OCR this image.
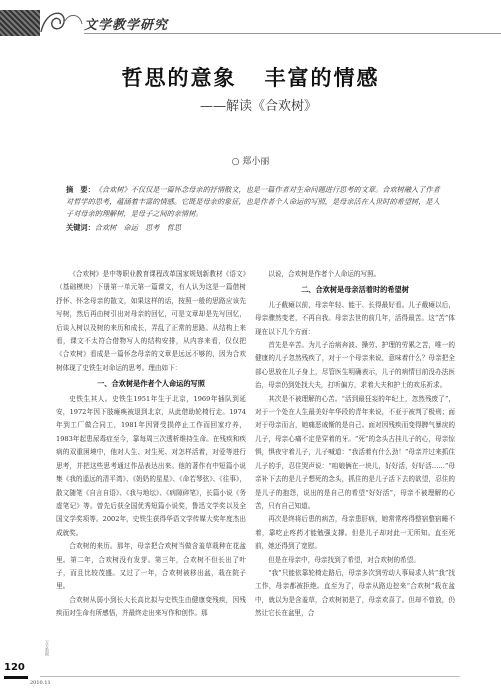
文学教学研究
哲思的意象 丰富的情感
——解读《合欢树》
○ 郑小丽
摘　要：《合欢树》不仅仅是一篇怀念母亲的抒情散文，也是一篇作者对生命问题进行思考的文章。合欢树融入了作者对哲学的思考，蕴涵着丰富的情感。它既是母亲的象征，也是作者个人命运的写照，是母亲活在人世时的希望树，是人子对母亲的理解树，是母子之间的亲情树。
关键词：合欢树　命运　思考　哲思

《合欢树》是中等职业教育课程改革国家规划新教材《语文》（基础模块）下册第一单元第一篇课文，有人认为这是一篇借树抒怀、怀念母亲的散文，如果这样的话，按照一般的思路应该先写树，然后再由树引出对母亲的回忆，可是文章却是先写回忆，后谈入树以及树的来历和成长，弄乱了正常的思路。从结构上来看，课文不太符合借物写人的结构安排，从内容来看，仅仅把《合欢树》看成是一篇怀念母亲的文章是远远不够的，因为合欢树体现了史铁生对命运的思考。理由如下：

一、合欢树是作者个人命运的写照

史铁生其人。史铁生1951年生于北京，1969年插队到延安，1972年因下肢瘫痪被退到北京，从此借助轮椅行走。1974年到工厂做合同工，1981年因肾受损停止工作而回家疗养，1983年起患尿毒症至今，靠每周三次透析维持生命。在残疾和疾病的双重困境中，他对人生、对生死、对怎样活着，对爱等进行思考，并把这些思考通过作品表达出来。他的著作有中短篇小说集《我的遥远的清平湾》、《奶奶的星星》、《命若琴弦》、《往事》，散文随笔《自言自语》、《我与地坛》、《病隙碎笔》，长篇小说《务虚笔记》等。曾先后获全国优秀短篇小说奖，鲁迅文学奖以及全国文学奖项等。2002年，史铁生获得华语文学传媒大奖年度杰出成就奖。

合欢树的来历。那年，母亲把合欢树当做含羞草栽种在花盆里。第二年，合欢树没有发芽。第三年，合欢树不但长出了叶子，而且比较茂盛。又过了一年，合欢树被移出盆，栽在院子里。

合欢树从弱小到长大长高比拟与史铁生由健康变残疾，因残疾而对生命有所感悟，并最终走出来写作和创作。那

以说，合欢树是作者个人命运的写照。

二、合欢树是母亲活着时的希望树

儿子截瘫以前，母亲年轻、能干、长得最好看。儿子截瘫以后，母亲骤然变老，不再自我。母亲去世的前几年，活得最苦。这“苦”体现在以下几个方面：

首先是辛苦。为儿子治病奔波、操劳、护理的劳累之苦，唯一的健康的儿子忽然残疾了，对于一个母亲来说，意味着什么？母亲把全部心思放在儿子身上，尽管医生明确表示，儿子的病情目前没办法医治，母亲仍到处找大夫，打听偏方，求着大夫和护士的欢乐祈求。

其次是不被理解的心苦。“活到最狂妄的年纪上，忽然残废了”，对于一个处在人生最美好年华段的青年来说，不亚于被判了极刑；面对于母亲而言，她痛恶戚惭的是自己。面对因残疾而变得脾气暴戾的儿子，母亲心痛不定是穿着的牙。“死”的念头古挂儿子的心，母亲惊惧，惧夜守着儿子，儿子喊道：“我活着有什么劲！”母亲并过来抓住儿子的手，忍住哭声说：“咱娘俩在一块儿，好好活，好好活……”母亲补下去的是儿子想死的念头，抓住的是儿子活下去的欲望，忍住的是儿子的抱怨，说出的是自己的希望“好好活”，母亲不被理解的心苦，只有自己知道。

再次是终将后患的病苦，母亲患肝病，她常常疼得整宿整宿睡不着，靠吃止疼药才能勉强支撑。但是儿子却对此一无所知。直至死前，她还得到了宽慰。

但是在母亲中，母亲找到了希望，对合欢树的希望。

“我”只能依靠轮椅走路后，母亲多次到劳动人事局求人转“我”找工作，母亲都被拒绝。直至为了，母亲从路边挖来“合欢树”栽在盆中，就以为是含羞草，合欢树初是了，母亲欢喜了。但却不曾放，仍然让它长在盆里，合

万方数据
120
2010.11
